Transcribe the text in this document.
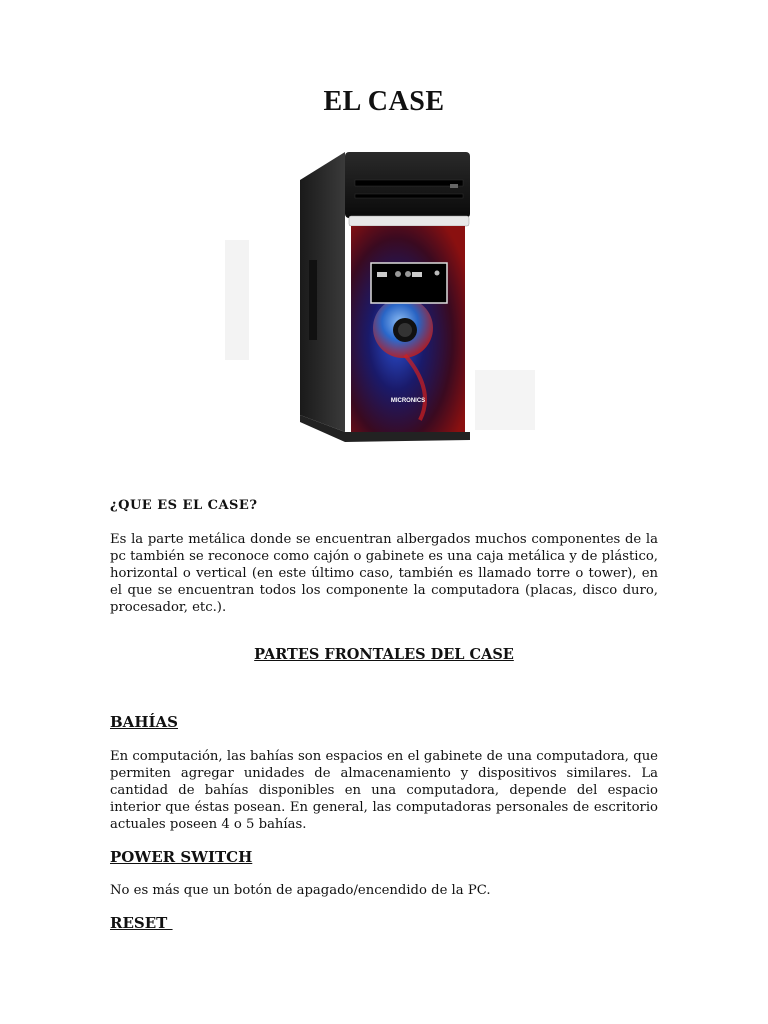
EL CASE
MICRONICS
¿QUE ES EL CASE?
Es la parte metálica donde se encuentran albergados muchos componentes de la pc también se reconoce como cajón o gabinete es una caja metálica y de plástico, horizontal o vertical (en este último caso, también es llamado torre o tower), en el que se encuentran todos los componente la computadora (placas, disco duro, procesador, etc.).
PARTES FRONTALES DEL CASE
BAHÍAS
En computación, las bahías son espacios en el gabinete de una computadora, que permiten agregar unidades de almacenamiento y dispositivos similares. La cantidad de bahías disponibles en una computadora, depende del espacio interior que éstas posean. En general, las computadoras personales de escritorio actuales poseen 4 o 5 bahías.
POWER SWITCH
No es más que un botón de apagado/encendido de la PC.
RESET
